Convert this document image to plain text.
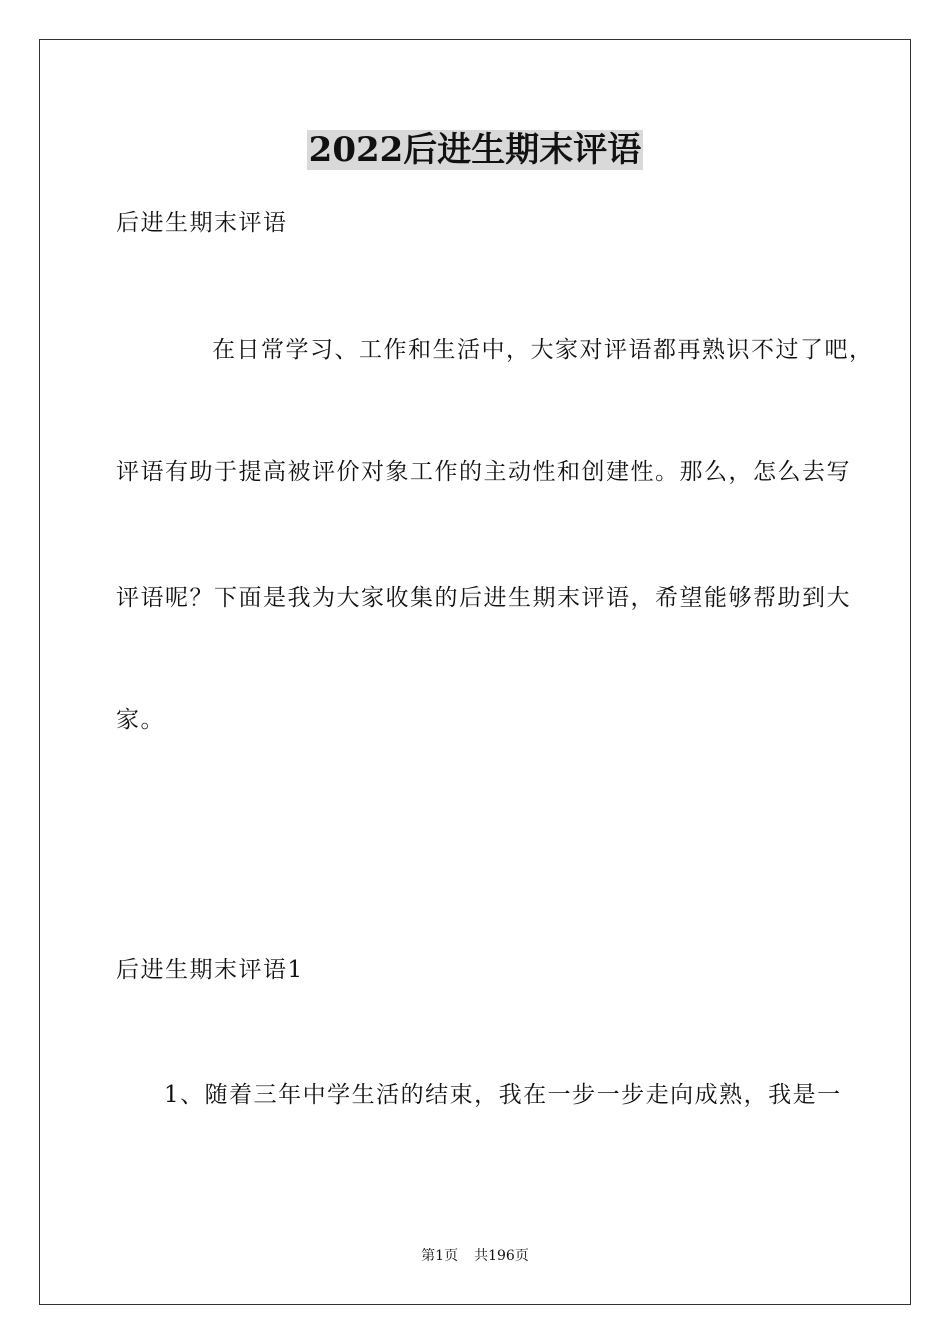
2022后进生期末评语
后进生期末评语
在日常学习、工作和生活中，大家对评语都再熟识不过了吧，
评语有助于提高被评价对象工作的主动性和创建性。那么，怎么去写
评语呢？下面是我为大家收集的后进生期末评语，希望能够帮助到大
家。
后进生期末评语1
1、随着三年中学生活的结束，我在一步一步走向成熟，我是一
第1页 共196页
